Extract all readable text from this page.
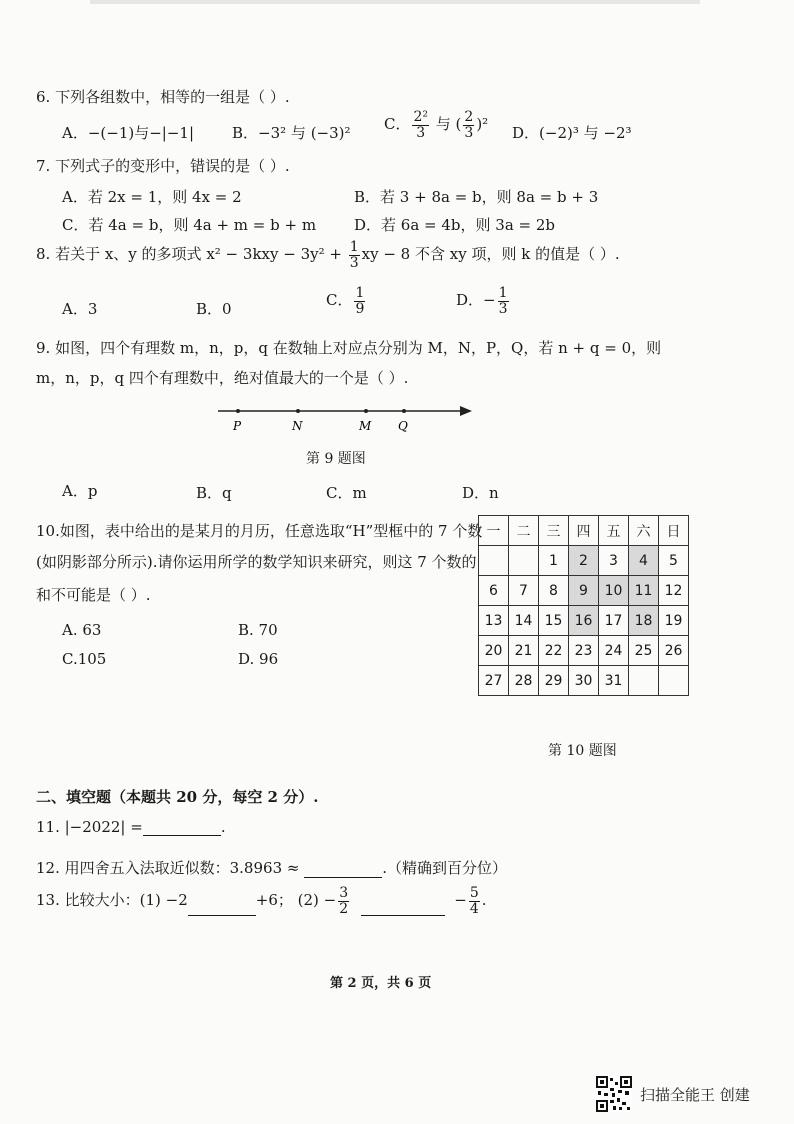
6. 下列各组数中，相等的一组是（ ）.
A．−(−1)与−|−1|	B．−3² 与 (−3)² C． $\frac{\text{2²}}{3}$ 与 ( $\frac{2}{3} )^2$ D．(−2)³ 与 −2³
7. 下列式子的变形中，错误的是（ ）.
A．若 2x = 1，则 4x = 2	B．若 3 + 8a = b，则 8a = b + 3
C．若 4a = b，则 4a + m = b + m	D．若 6a = 4b，则 3a = 2b
8. 若关于 x、y 的多项式 $x^2 - 3kxy - 3y^2 + \frac{1}{3}$ xy − 8 不含 xy 项，则 k 的值是（ ）.
A．3	B．0	C． $\frac{1}{9}$	D．− $\frac{1}{3}$
9. 如图，四个有理数 m，n，p，q 在数轴上对应点分别为 M，N，P，Q，若 n + q = 0，则
m，n，p，q 四个有理数中，绝对值最大的一个是（ ）.
P	N	M Q
第 9 题图
A．p	B．q	C．m	D．n
10.如图，表中给出的是某月的月历，任意选取“H”型框中的 7 个数
(如阴影部分所示).请你运用所学的数学知识来研究，则这 7 个数的
和不可能是（ ）.
A. 63	B. 70
C.105	D. 96
一	二	三	四	五	六	日
		1	2	3	4	5
6	7	8	9	10	11	12
13	14	15	16	17	18	19
20	21	22	23	24	25	26
27	28	29	30	31		
第 10 题图
二、填空题（本题共 20 分，每空 2 分）.
11. |−2022| =	.
12. 用四舍五入法取近似数：3.8963 ≈	.（精确到百分位）
13. 比较大小：(1) −2	+6； $(2) - \frac{3}{2}$	− $\frac{5}{4}$ .
第 2 页，共 6 页
扫描全能王 创建
